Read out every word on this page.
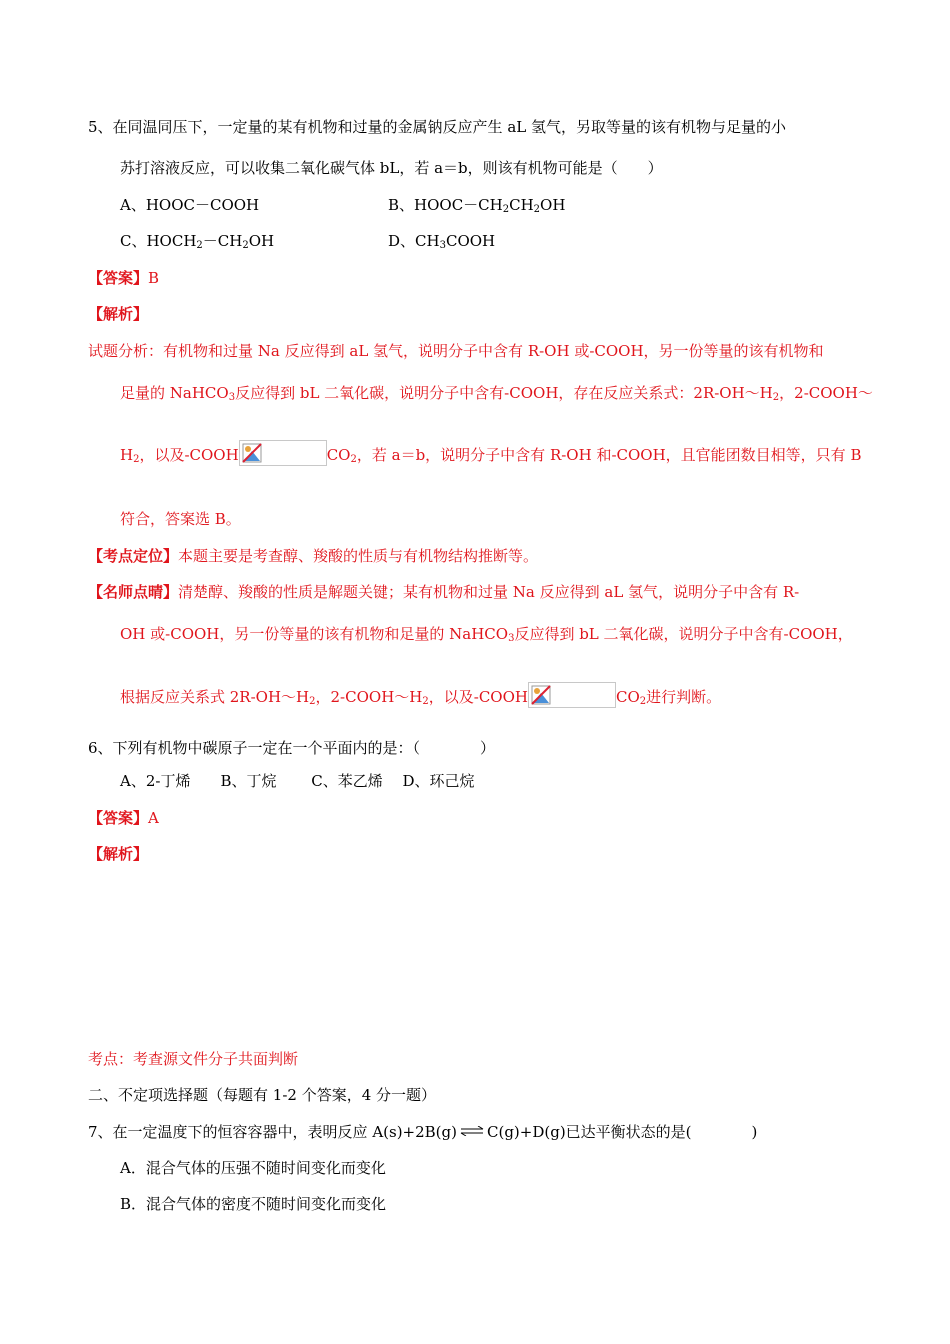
5、在同温同压下，一定量的某有机物和过量的金属钠反应产生 aL 氢气，另取等量的该有机物与足量的小
苏打溶液反应，可以收集二氧化碳气体 bL，若 a＝b，则该有机物可能是（　　）
A、HOOC－COOH	B、$HOOC-CH_2CH_2OH$
C、$HOCH_2-CH_2OH$	D、$CH_3COOH$
【答案】B
【解析】
试题分析：有机物和过量 Na 反应得到 aL 氢气，说明分子中含有 R-OH 或-COOH，另一份等量的该有机物和
足量的 NaHCO$_3$反应得到 bL 二氧化碳，说明分子中含有-COOH，存在反应关系式：$2R-OH\sim H_2$，2-COOH～
$H_2$，以及-COOH	$CO_2$，若 a＝b，说明分子中含有 R-OH 和-COOH，且官能团数目相等，只有 B
符合，答案选 B。
【考点定位】本题主要是考查醇、羧酸的性质与有机物结构推断等。
【名师点晴】清楚醇、羧酸的性质是解题关键；某有机物和过量 Na 反应得到 aL 氢气，说明分子中含有 R-
OH 或-COOH，另一份等量的该有机物和足量的 NaHCO$_3$反应得到 bL 二氧化碳，说明分子中含有-COOH，
根据反应关系式 $2R-OH\sim H_2$，$2-COOH\sim H_2$，以及-COOH	$CO_2$进行判断。
6、下列有机物中碳原子一定在一个平面内的是：（　　　　）
A、2-丁烯　　B、丁烷　　 C、苯乙烯　 D、环己烷
【答案】A
【解析】
考点：考查源文件分子共面判断
二、不定项选择题（每题有 1-2 个答案，4 分一题）
7、在一定温度下的恒容容器中，表明反应 A(s)+2B(g) ⇌ C(g)+D(g)已达平衡状态的是(　　　　)
A．混合气体的压强不随时间变化而变化
B．混合气体的密度不随时间变化而变化
